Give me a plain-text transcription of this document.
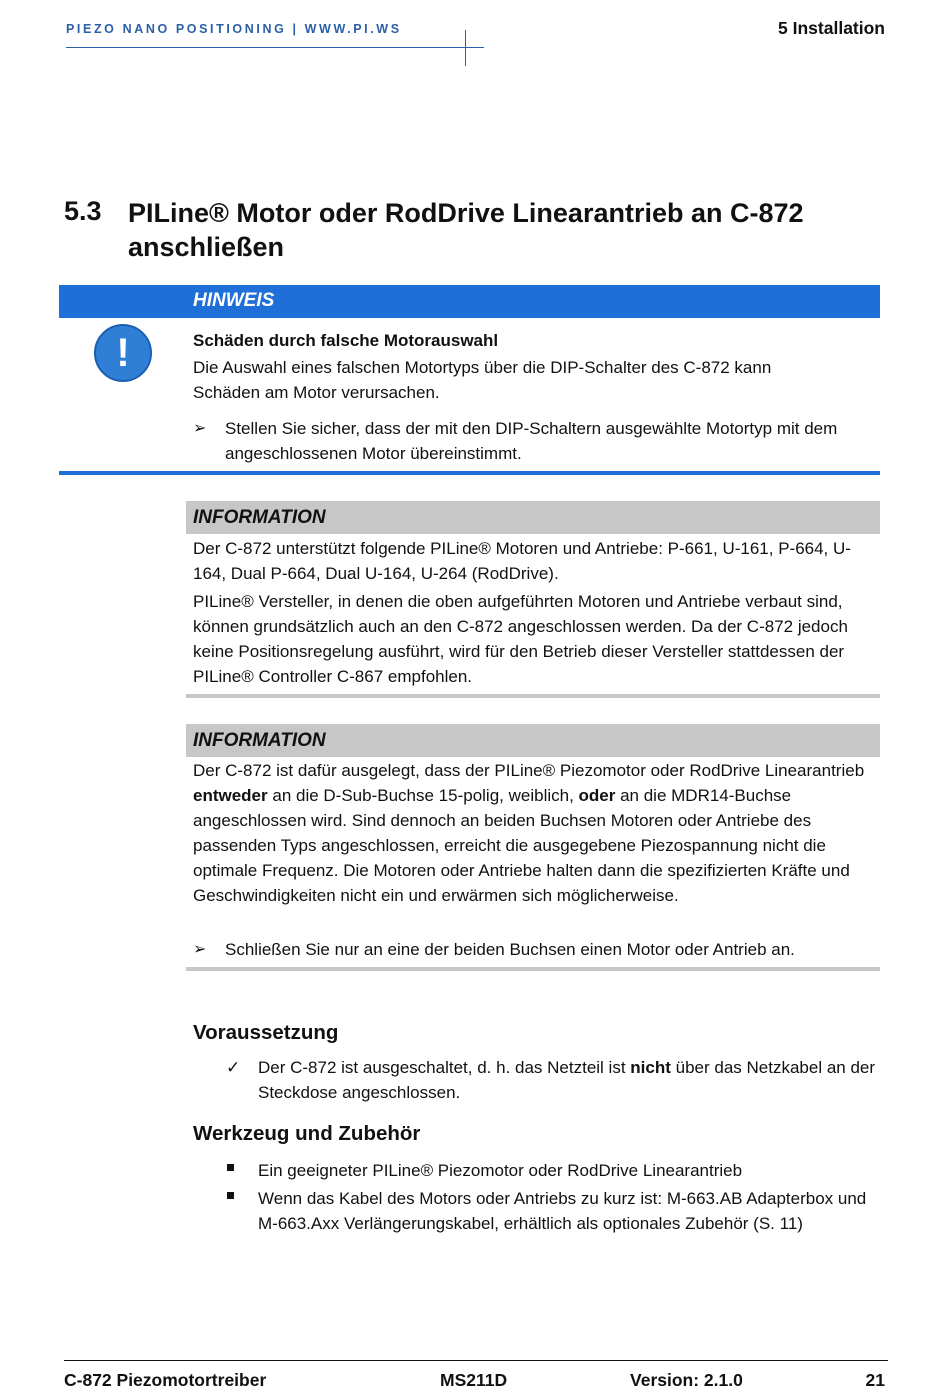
PIEZO NANO POSITIONING | WWW.PI.WS	5 Installation
5.3 PILine® Motor oder RodDrive Linearantrieb an C-872 anschließen
HINWEIS
!	Schäden durch falsche Motorauswahl
Die Auswahl eines falschen Motortyps über die DIP-Schalter des C-872 kann Schäden am Motor verursachen.
➢ Stellen Sie sicher, dass der mit den DIP-Schaltern ausgewählte Motortyp mit dem angeschlossenen Motor übereinstimmt.
INFORMATION
Der C-872 unterstützt folgende PILine® Motoren und Antriebe: P-661, U-161, P-664, U-164, Dual P-664, Dual U-164, U-264 (RodDrive).
PILine® Versteller, in denen die oben aufgeführten Motoren und Antriebe verbaut sind, können grundsätzlich auch an den C-872 angeschlossen werden. Da der C-872 jedoch keine Positionsregelung ausführt, wird für den Betrieb dieser Versteller stattdessen der PILine® Controller C-867 empfohlen.
INFORMATION
Der C-872 ist dafür ausgelegt, dass der PILine® Piezomotor oder RodDrive Linearantrieb entweder an die D-Sub-Buchse 15-polig, weiblich, oder an die MDR14-Buchse angeschlossen wird. Sind dennoch an beiden Buchsen Motoren oder Antriebe des passenden Typs angeschlossen, erreicht die ausgegebene Piezospannung nicht die optimale Frequenz. Die Motoren oder Antriebe halten dann die spezifizierten Kräfte und Geschwindigkeiten nicht ein und erwärmen sich möglicherweise.
➢ Schließen Sie nur an eine der beiden Buchsen einen Motor oder Antrieb an.
Voraussetzung
✓ Der C-872 ist ausgeschaltet, d. h. das Netzteil ist nicht über das Netzkabel an der Steckdose angeschlossen.
Werkzeug und Zubehör
Ein geeigneter PILine® Piezomotor oder RodDrive Linearantrieb
Wenn das Kabel des Motors oder Antriebs zu kurz ist: M-663.AB Adapterbox und M-663.Axx Verlängerungskabel, erhältlich als optionales Zubehör (S. 11)
C-872 Piezomotortreiber	MS211D	Version: 2.1.0	21
